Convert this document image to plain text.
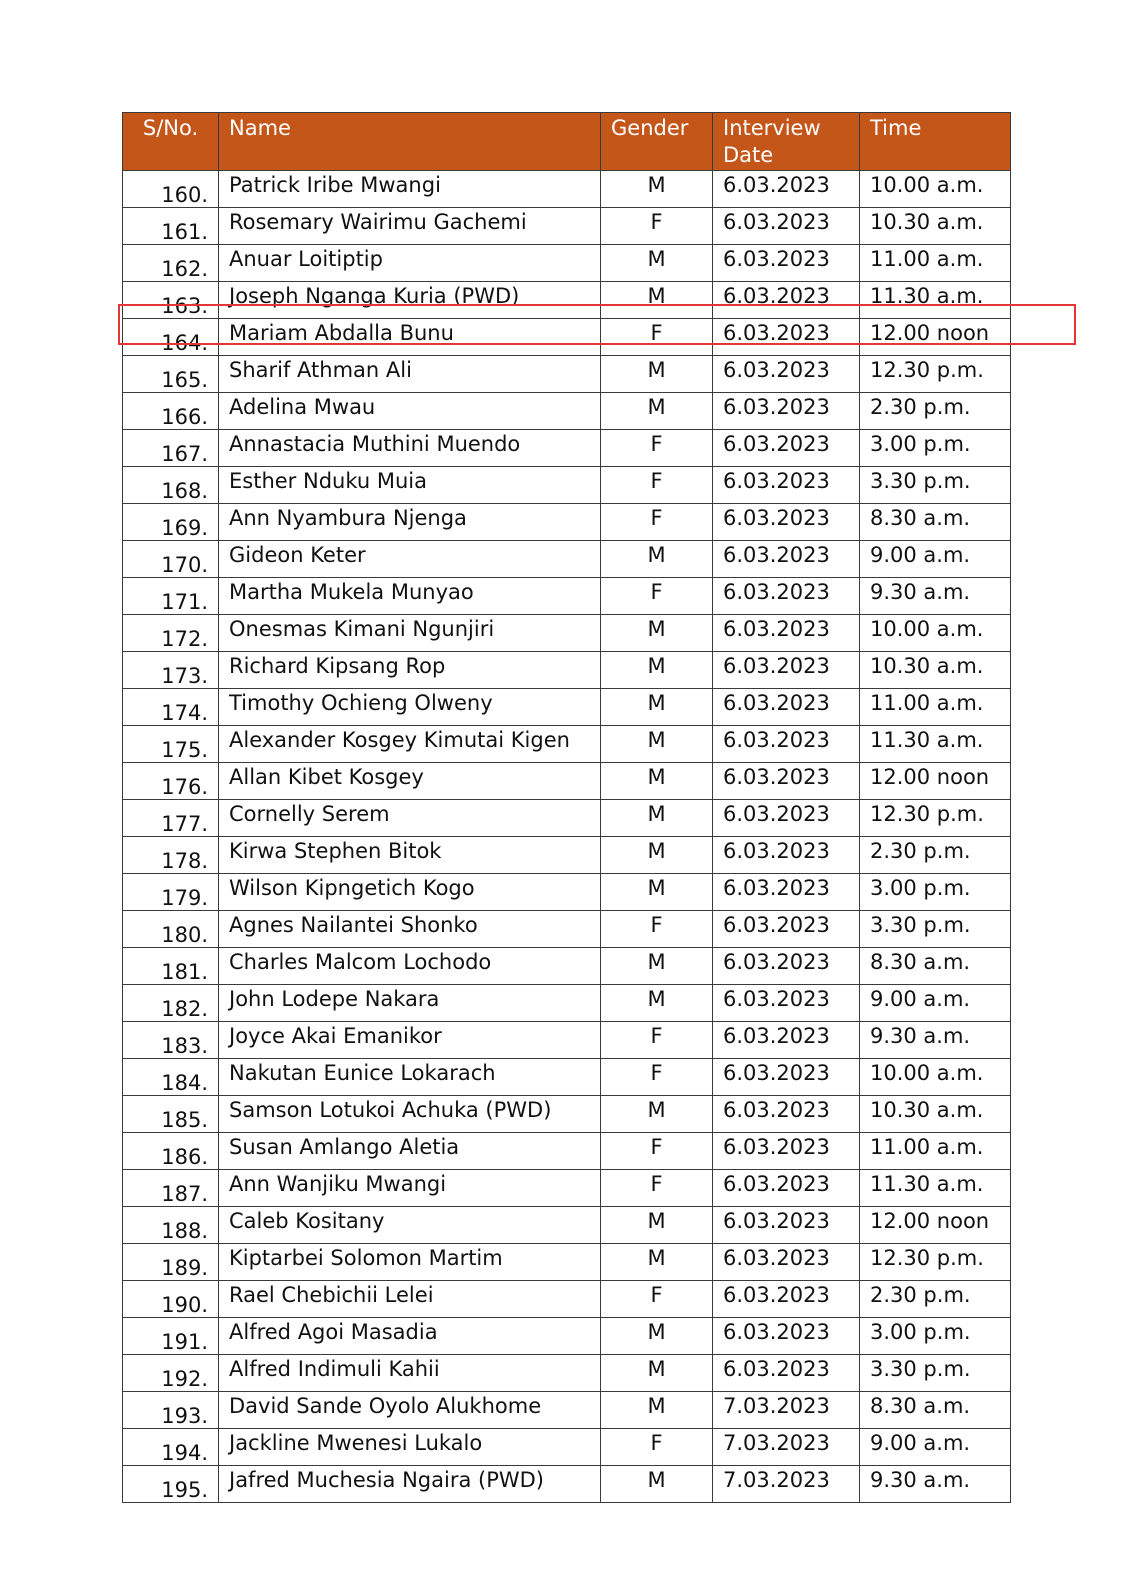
S/No.	Name	Gender	Interview Date	Time
160.	Patrick Iribe Mwangi	M	6.03.2023	10.00 a.m.
161.	Rosemary Wairimu Gachemi	F	6.03.2023	10.30 a.m.
162.	Anuar Loitiptip	M	6.03.2023	11.00 a.m.
163.	Joseph Nganga Kuria (PWD)	M	6.03.2023	11.30 a.m.
164.	Mariam Abdalla Bunu	F	6.03.2023	12.00 noon
165.	Sharif Athman Ali	M	6.03.2023	12.30 p.m.
166.	Adelina Mwau	M	6.03.2023	2.30 p.m.
167.	Annastacia Muthini Muendo	F	6.03.2023	3.00 p.m.
168.	Esther Nduku Muia	F	6.03.2023	3.30 p.m.
169.	Ann Nyambura Njenga	F	6.03.2023	8.30 a.m.
170.	Gideon Keter	M	6.03.2023	9.00 a.m.
171.	Martha Mukela Munyao	F	6.03.2023	9.30 a.m.
172.	Onesmas Kimani Ngunjiri	M	6.03.2023	10.00 a.m.
173.	Richard Kipsang Rop	M	6.03.2023	10.30 a.m.
174.	Timothy Ochieng Olweny	M	6.03.2023	11.00 a.m.
175.	Alexander Kosgey Kimutai Kigen	M	6.03.2023	11.30 a.m.
176.	Allan Kibet Kosgey	M	6.03.2023	12.00 noon
177.	Cornelly Serem	M	6.03.2023	12.30 p.m.
178.	Kirwa Stephen Bitok	M	6.03.2023	2.30 p.m.
179.	Wilson Kipngetich Kogo	M	6.03.2023	3.00 p.m.
180.	Agnes Nailantei Shonko	F	6.03.2023	3.30 p.m.
181.	Charles Malcom Lochodo	M	6.03.2023	8.30 a.m.
182.	John Lodepe Nakara	M	6.03.2023	9.00 a.m.
183.	Joyce Akai Emanikor	F	6.03.2023	9.30 a.m.
184.	Nakutan Eunice Lokarach	F	6.03.2023	10.00 a.m.
185.	Samson Lotukoi Achuka (PWD)	M	6.03.2023	10.30 a.m.
186.	Susan Amlango Aletia	F	6.03.2023	11.00 a.m.
187.	Ann Wanjiku Mwangi	F	6.03.2023	11.30 a.m.
188.	Caleb Kositany	M	6.03.2023	12.00 noon
189.	Kiptarbei Solomon Martim	M	6.03.2023	12.30 p.m.
190.	Rael Chebichii Lelei	F	6.03.2023	2.30 p.m.
191.	Alfred Agoi Masadia	M	6.03.2023	3.00 p.m.
192.	Alfred Indimuli Kahii	M	6.03.2023	3.30 p.m.
193.	David Sande Oyolo Alukhome	M	7.03.2023	8.30 a.m.
194.	Jackline Mwenesi Lukalo	F	7.03.2023	9.00 a.m.
195.	Jafred Muchesia Ngaira (PWD)	M	7.03.2023	9.30 a.m.
